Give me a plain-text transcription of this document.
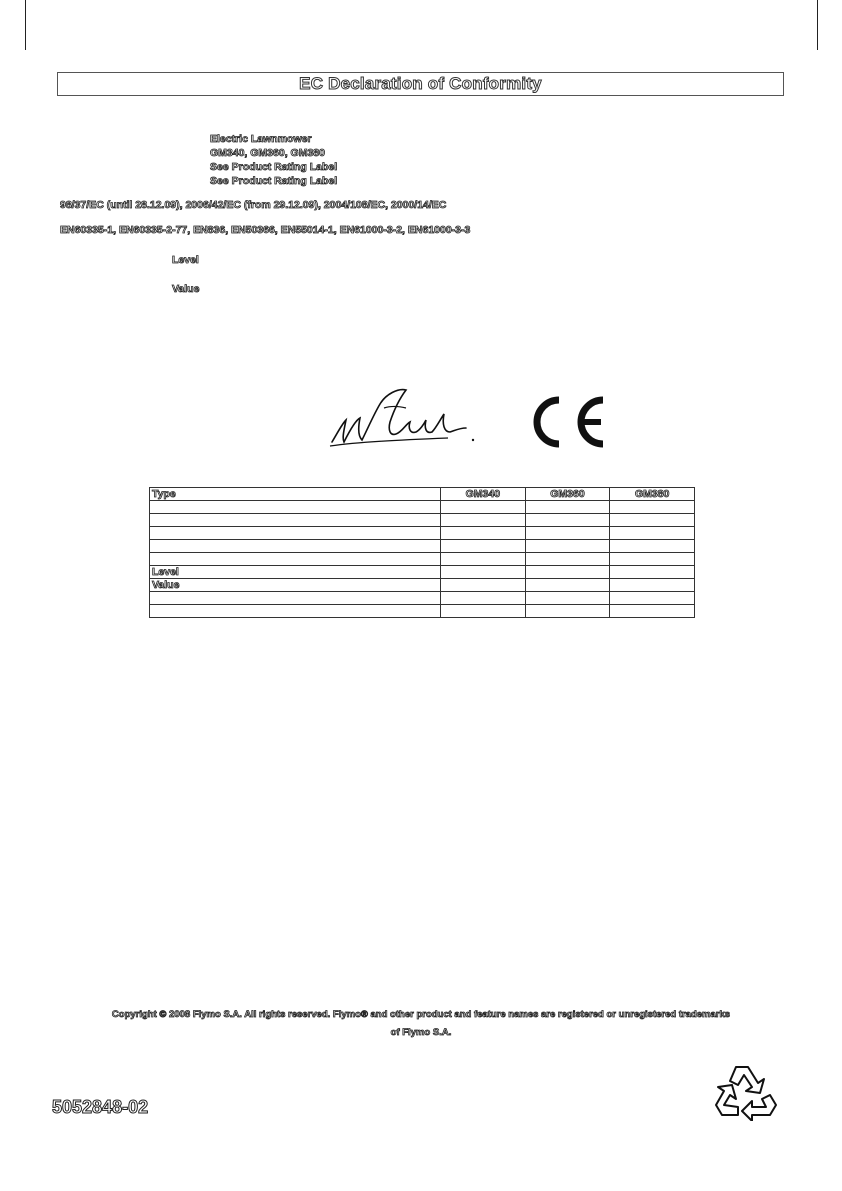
EC Declaration of Conformity
Electric Lawnmower
GM340, GM360, GM380
See Product Rating Label
See Product Rating Label
98/37/EC (until 28.12.09), 2006/42/EC (from 29.12.09), 2004/108/EC, 2000/14/EC
EN60335-1, EN60335-2-77, EN836, EN50366, EN55014-1, EN61000-3-2, EN61000-3-3
Level
Value
Type	GM340	GM360	GM380

Level			
Value			

Copyright © 2008 Flymo S.A. All rights reserved. Flymo® and other product and feature names are registered or unregistered trademarks
of Flymo S.A.
5052848-02
